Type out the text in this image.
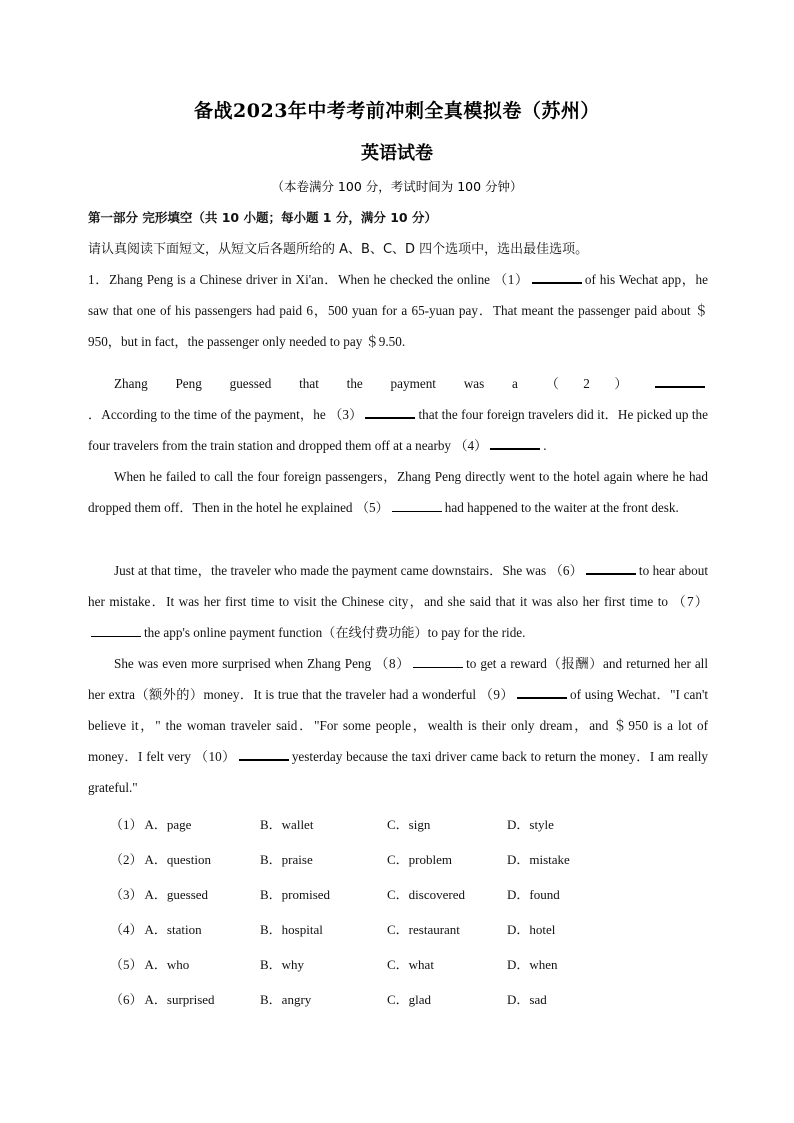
备战2023年中考考前冲刺全真模拟卷（苏州）
英语试卷
（本卷满分 100 分，考试时间为 100 分钟）
第一部分 完形填空（共 10 小题；每小题 1 分，满分 10 分）
请认真阅读下面短文，从短文后各题所给的 A、B、C、D 四个选项中，选出最佳选项。
1．Zhang Peng is a Chinese driver in Xi'an．When he checked the online （1）	of his Wechat app，he saw that one of his passengers had paid 6，500 yuan for a 65-yuan pay．That meant the passenger paid about ＄ 950，but in fact，the passenger only needed to pay ＄9.50.
Zhang Peng guessed that the payment was a （2）．According to the time of the payment，he （3）	that the four foreign travelers did it．He picked up the four travelers from the train station and dropped them off at a nearby （4）	.
When he failed to call the four foreign passengers，Zhang Peng directly went to the hotel again where he had dropped them off．Then in the hotel he explained （5）	had happened to the waiter at the front desk.
Just at that time，the traveler who made the payment came downstairs．She was （6）	to hear about her mistake．It was her first time to visit the Chinese city，and she said that it was also her first time to （7）the app's online payment function（在线付费功能）to pay for the ride.
She was even more surprised when Zhang Peng （8）	to get a reward（报酬）and returned her all her extra（额外的）money．It is true that the traveler had a wonderful （9）	of using Wechat．"I can't believe it，" the woman traveler said．"For some people，wealth is their only dream，and ＄950 is a lot of money．I felt very （10）	yesterday because the taxi driver came back to return the money．I am really grateful."
（1） A．page	B．wallet	C．sign	D．style
（2） A．question	B．praise	C．problem	D．mistake
（3） A．guessed	B．promised	C．discovered	D．found
（4） A．station	B．hospital	C．restaurant	D．hotel
（5） A．who	B．why	C．what	D．when
（6） A．surprised	B．angry	C．glad	D．sad
